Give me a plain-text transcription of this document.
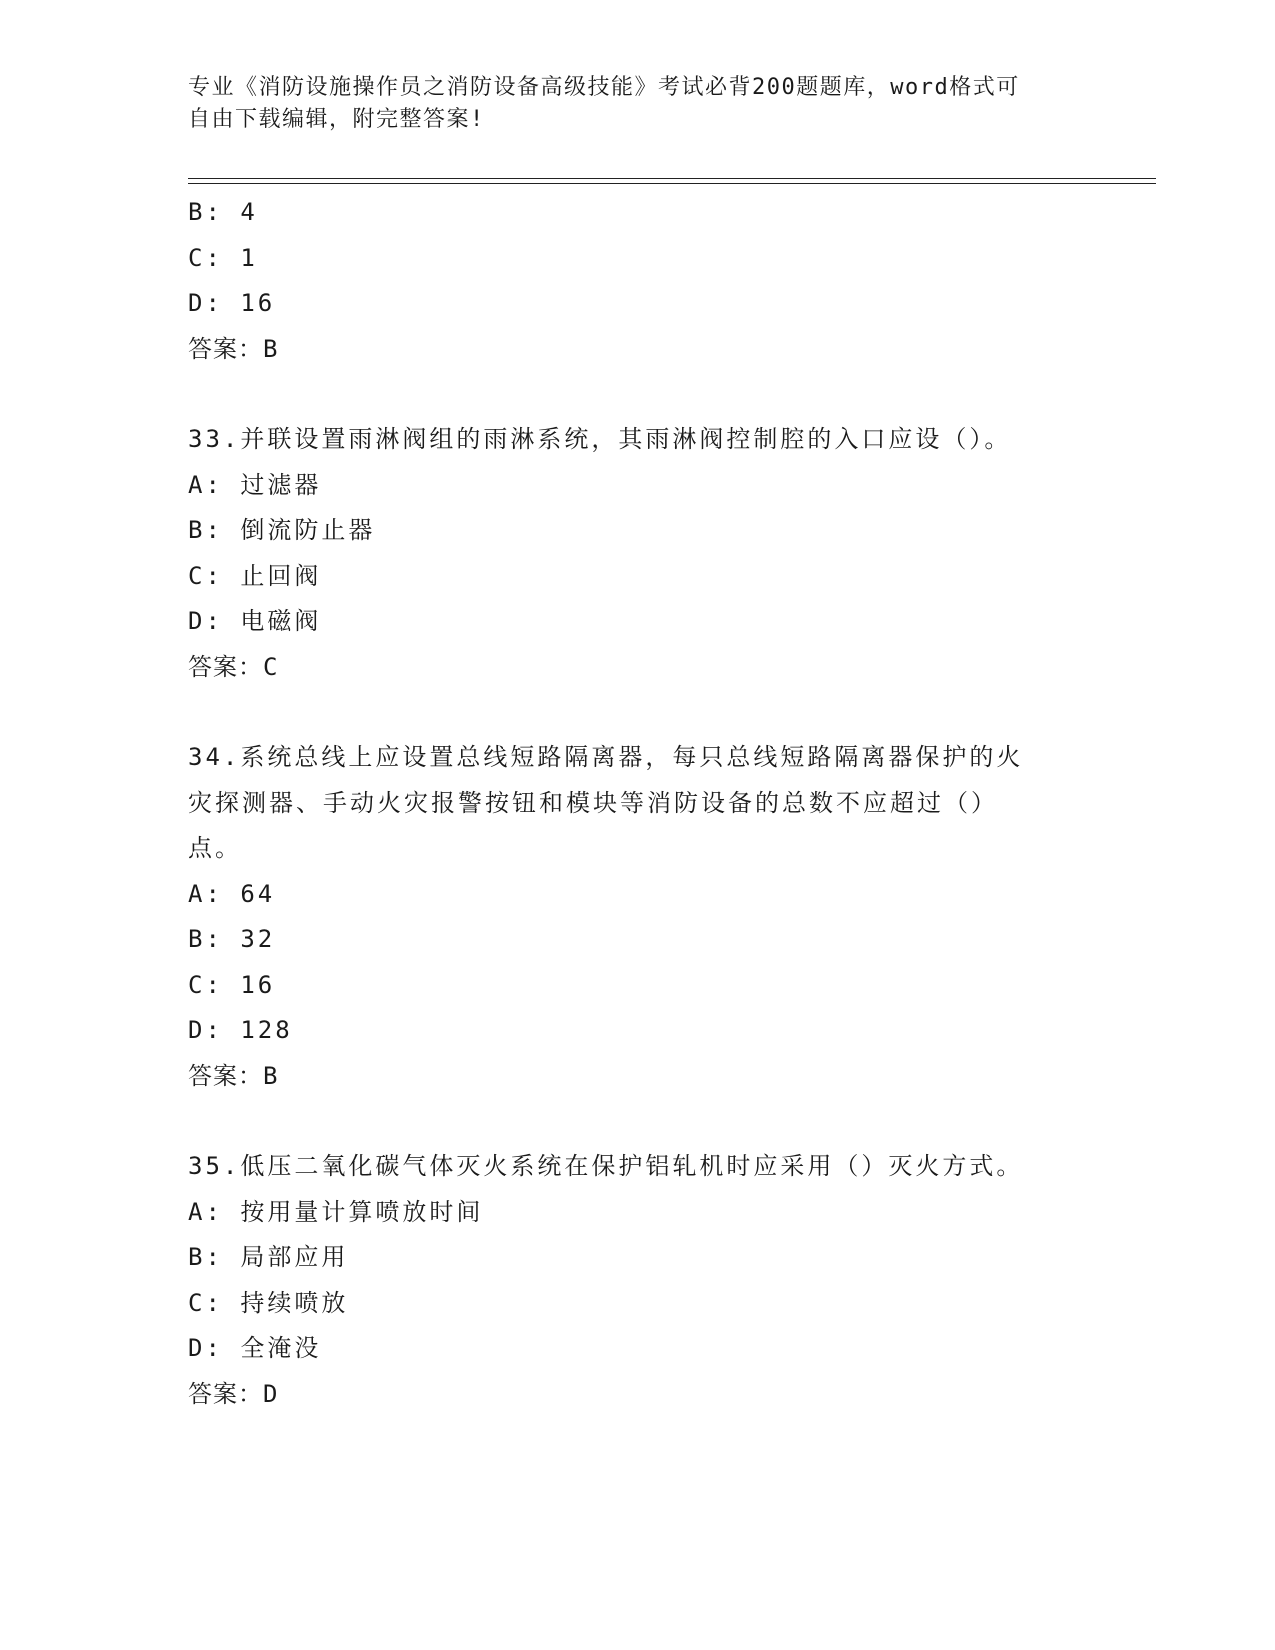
专业《消防设施操作员之消防设备高级技能》考试必背200题题库，word格式可
自由下载编辑，附完整答案!
B: 4
C: 1
D: 16
答案：B
33.并联设置雨淋阀组的雨淋系统，其雨淋阀控制腔的入口应设（）。
A: 过滤器
B: 倒流防止器
C: 止回阀
D: 电磁阀
答案：C
34.系统总线上应设置总线短路隔离器，每只总线短路隔离器保护的火
灾探测器、手动火灾报警按钮和模块等消防设备的总数不应超过（）
点。
A: 64
B: 32
C: 16
D: 128
答案：B
35.低压二氧化碳气体灭火系统在保护铝轧机时应采用（）灭火方式。
A: 按用量计算喷放时间
B: 局部应用
C: 持续喷放
D: 全淹没
答案：D
